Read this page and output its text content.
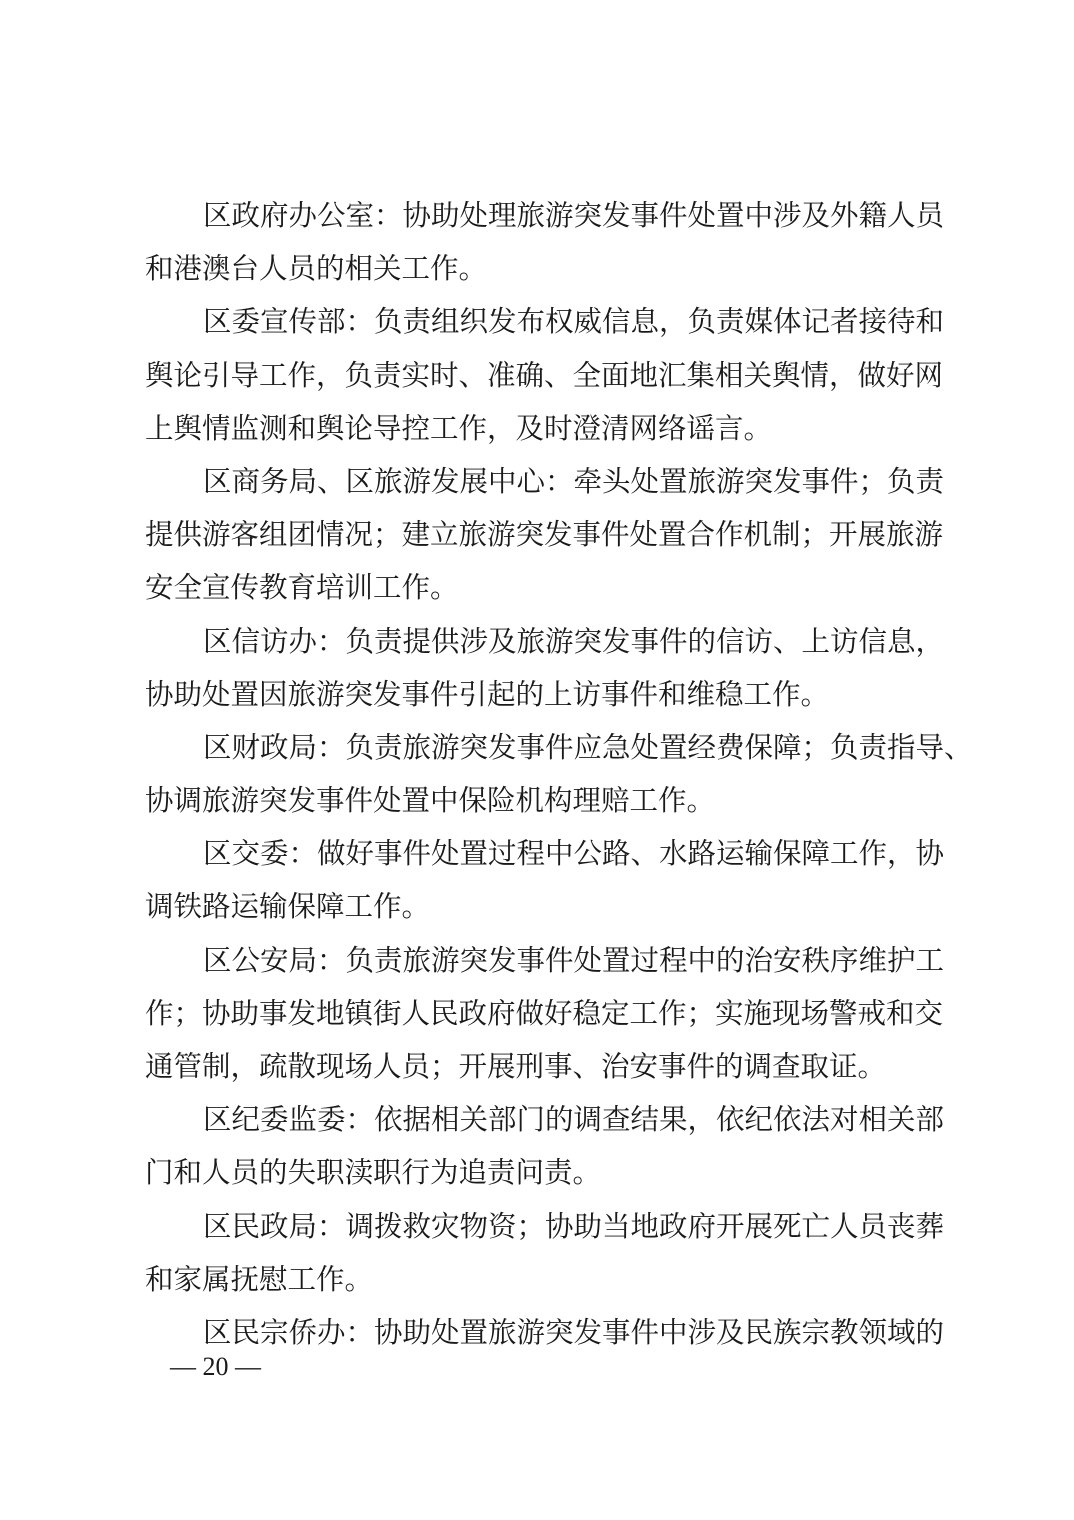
区政府办公室：协助处理旅游突发事件处置中涉及外籍人员
和港澳台人员的相关工作。
区委宣传部：负责组织发布权威信息，负责媒体记者接待和
舆论引导工作，负责实时、准确、全面地汇集相关舆情，做好网
上舆情监测和舆论导控工作，及时澄清网络谣言。
区商务局、区旅游发展中心：牵头处置旅游突发事件；负责
提供游客组团情况；建立旅游突发事件处置合作机制；开展旅游
安全宣传教育培训工作。
区信访办：负责提供涉及旅游突发事件的信访、上访信息，
协助处置因旅游突发事件引起的上访事件和维稳工作。
区财政局：负责旅游突发事件应急处置经费保障；负责指导、
协调旅游突发事件处置中保险机构理赔工作。
区交委：做好事件处置过程中公路、水路运输保障工作，协
调铁路运输保障工作。
区公安局：负责旅游突发事件处置过程中的治安秩序维护工
作；协助事发地镇街人民政府做好稳定工作；实施现场警戒和交
通管制，疏散现场人员；开展刑事、治安事件的调查取证。
区纪委监委：依据相关部门的调查结果，依纪依法对相关部
门和人员的失职渎职行为追责问责。
区民政局：调拨救灾物资；协助当地政府开展死亡人员丧葬
和家属抚慰工作。
区民宗侨办：协助处置旅游突发事件中涉及民族宗教领域的
— 20 —
